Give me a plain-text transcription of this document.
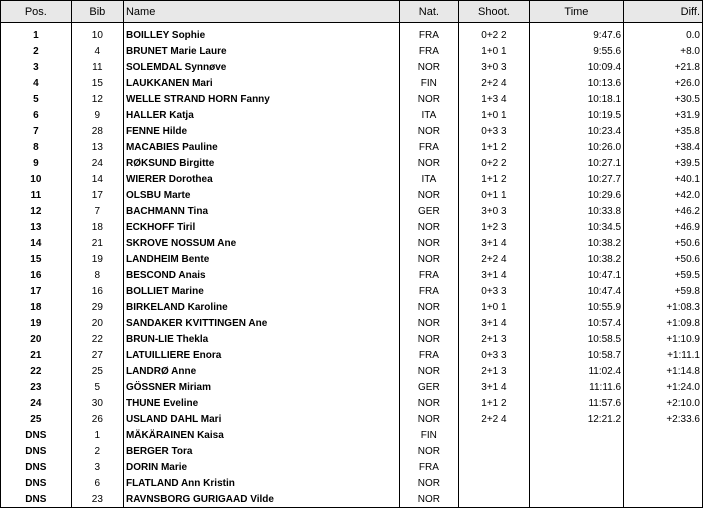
Pos.	Bib	Name	Nat.	Shoot.	Time	Diff.
1	10	BOILLEY Sophie	FRA	0+2 2	9:47.6	0.0
2	4	BRUNET Marie Laure	FRA	1+0 1	9:55.6	+8.0
3	11	SOLEMDAL Synnøve	NOR	3+0 3	10:09.4	+21.8
4	15	LAUKKANEN Mari	FIN	2+2 4	10:13.6	+26.0
5	12	WELLE STRAND HORN Fanny	NOR	1+3 4	10:18.1	+30.5
6	9	HALLER Katja	ITA	1+0 1	10:19.5	+31.9
7	28	FENNE Hilde	NOR	0+3 3	10:23.4	+35.8
8	13	MACABIES Pauline	FRA	1+1 2	10:26.0	+38.4
9	24	RØKSUND Birgitte	NOR	0+2 2	10:27.1	+39.5
10	14	WIERER Dorothea	ITA	1+1 2	10:27.7	+40.1
11	17	OLSBU Marte	NOR	0+1 1	10:29.6	+42.0
12	7	BACHMANN Tina	GER	3+0 3	10:33.8	+46.2
13	18	ECKHOFF Tiril	NOR	1+2 3	10:34.5	+46.9
14	21	SKROVE NOSSUM Ane	NOR	3+1 4	10:38.2	+50.6
15	19	LANDHEIM Bente	NOR	2+2 4	10:38.2	+50.6
16	8	BESCOND Anais	FRA	3+1 4	10:47.1	+59.5
17	16	BOLLIET Marine	FRA	0+3 3	10:47.4	+59.8
18	29	BIRKELAND Karoline	NOR	1+0 1	10:55.9	+1:08.3
19	20	SANDAKER KVITTINGEN Ane	NOR	3+1 4	10:57.4	+1:09.8
20	22	BRUN-LIE Thekla	NOR	2+1 3	10:58.5	+1:10.9
21	27	LATUILLIERE Enora	FRA	0+3 3	10:58.7	+1:11.1
22	25	LANDRØ Anne	NOR	2+1 3	11:02.4	+1:14.8
23	5	GÖSSNER Miriam	GER	3+1 4	11:11.6	+1:24.0
24	30	THUNE Eveline	NOR	1+1 2	11:57.6	+2:10.0
25	26	USLAND DAHL Mari	NOR	2+2 4	12:21.2	+2:33.6
DNS	1	MÄKÄRAINEN Kaisa	FIN			
DNS	2	BERGER Tora	NOR			
DNS	3	DORIN Marie	FRA			
DNS	6	FLATLAND Ann Kristin	NOR			
DNS	23	RAVNSBORG GURIGAAD Vilde	NOR			
